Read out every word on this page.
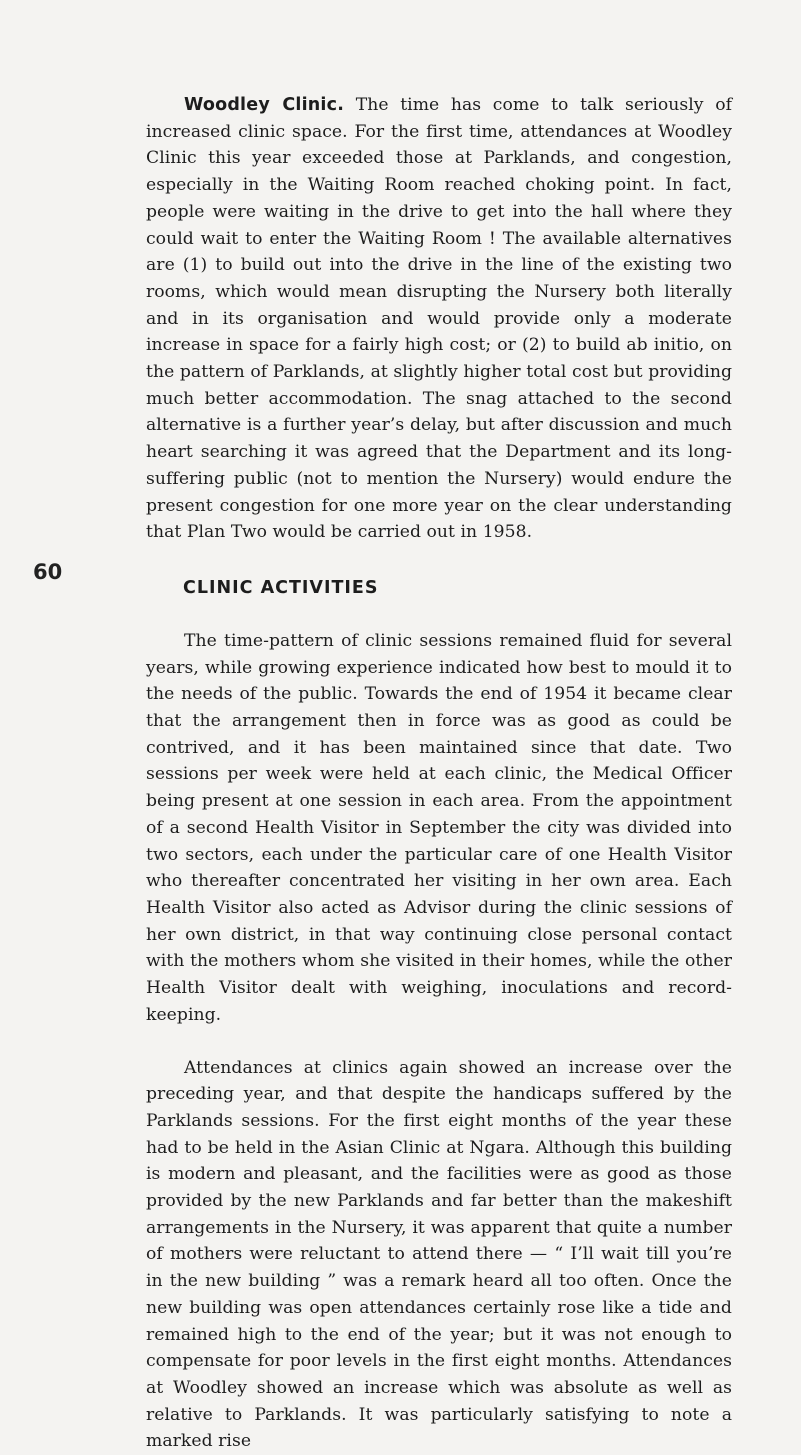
60

Woodley Clinic. The time has come to talk seriously of increased clinic space. For the first time, attendances at Woodley Clinic this year exceeded those at Parklands, and congestion, especially in the Waiting Room reached choking point. In fact, people were waiting in the drive to get into the hall where they could wait to enter the Waiting Room ! The available alternatives are (1) to build out into the drive in the line of the existing two rooms, which would mean disrupting the Nursery both literally and in its organisation and would provide only a moderate increase in space for a fairly high cost; or (2) to build ab initio, on the pattern of Parklands, at slightly higher total cost but providing much better accommodation. The snag attached to the second alternative is a further year’s delay, but after discussion and much heart searching it was agreed that the Department and its long-suffering public (not to mention the Nursery) would endure the present congestion for one more year on the clear understanding that Plan Two would be carried out in 1958.

CLINIC ACTIVITIES

The time-pattern of clinic sessions remained fluid for several years, while growing experience indicated how best to mould it to the needs of the public. Towards the end of 1954 it became clear that the arrangement then in force was as good as could be contrived, and it has been maintained since that date. Two sessions per week were held at each clinic, the Medical Officer being present at one session in each area. From the appointment of a second Health Visitor in September the city was divided into two sectors, each under the particular care of one Health Visitor who thereafter concentrated her visiting in her own area. Each Health Visitor also acted as Advisor during the clinic sessions of her own district, in that way continuing close personal contact with the mothers whom she visited in their homes, while the other Health Visitor dealt with weighing, inoculations and record-keeping.

Attendances at clinics again showed an increase over the preceding year, and that despite the handicaps suffered by the Parklands sessions. For the first eight months of the year these had to be held in the Asian Clinic at Ngara. Although this building is modern and pleasant, and the facilities were as good as those provided by the new Parklands and far better than the makeshift arrangements in the Nursery, it was apparent that quite a number of mothers were reluctant to attend there — “ I’ll wait till you’re in the new building ” was a remark heard all too often. Once the new building was open attendances certainly rose like a tide and remained high to the end of the year; but it was not enough to compensate for poor levels in the first eight months. Attendances at Woodley showed an increase which was absolute as well as relative to Parklands. It was particularly satisfying to note a marked rise
